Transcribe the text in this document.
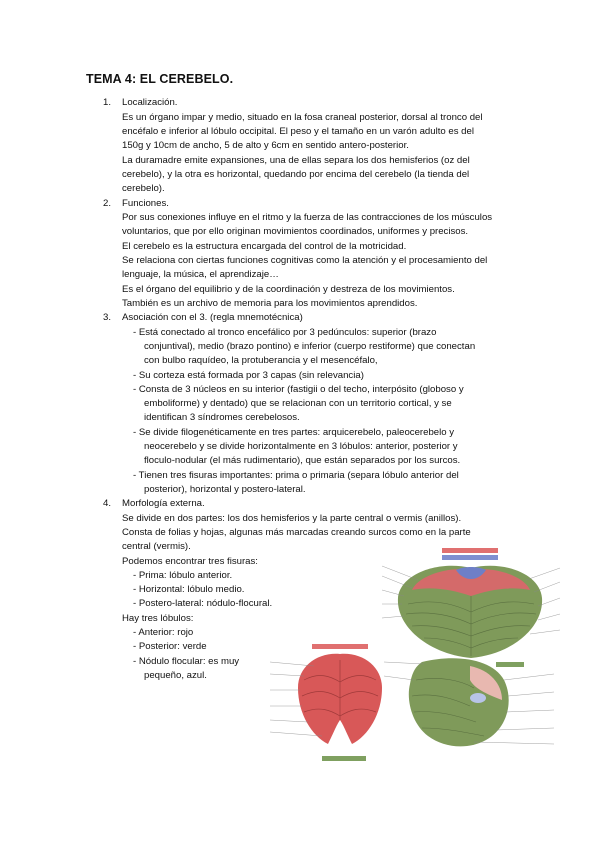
TEMA 4: EL CEREBELO.
1. Localización.
Es un órgano impar y medio, situado en la fosa craneal posterior, dorsal al tronco del
encéfalo e inferior al lóbulo occipital. El peso y el tamaño en un varón adulto es del
150g y 10cm de ancho, 5 de alto y 6cm en sentido antero-posterior.
La duramadre emite expansiones, una de ellas separa los dos hemisferios (oz del
cerebelo), y la otra es horizontal, quedando por encima del cerebelo (la tienda del
cerebelo).
2. Funciones.
Por sus conexiones influye en el ritmo y la fuerza de las contracciones de los músculos
voluntarios, que por ello originan movimientos coordinados, uniformes y precisos.
El cerebelo es la estructura encargada del control de la motricidad.
Se relaciona con ciertas funciones cognitivas como la atención y el procesamiento del
lenguaje, la música, el aprendizaje…
Es el órgano del equilibrio y de la coordinación y destreza de los movimientos.
También es un archivo de memoria para los movimientos aprendidos.
3. Asociación con el 3. (regla mnemotécnica)
- Está conectado al tronco encefálico por 3 pedúnculos: superior (brazo
conjuntival), medio (brazo pontino) e inferior (cuerpo restiforme) que conectan
con bulbo raquídeo, la protuberancia y el mesencéfalo,
- Su corteza está formada por 3 capas (sin relevancia)
- Consta de 3 núcleos en su interior (fastigii o del techo, interpósito (globoso y
emboliforme) y dentado) que se relacionan con un territorio cortical, y se
identifican 3 síndromes cerebelosos.
- Se divide filogenéticamente en tres partes: arquicerebelo, paleocerebelo y
neocerebelo y se divide horizontalmente en 3 lóbulos: anterior, posterior y
floculo-nodular (el más rudimentario), que están separados por los surcos.
- Tienen tres fisuras importantes: prima o primaria (separa lóbulo anterior del
posterior), horizontal y postero-lateral.
4. Morfología externa.
Se divide en dos partes: los dos hemisferios y la parte central o vermis (anillos).
Consta de folias y hojas, algunas más marcadas creando surcos como en la parte
central (vermis).
Podemos encontrar tres fisuras:
- Prima: lóbulo anterior.
- Horizontal: lóbulo medio.
- Postero-lateral: nódulo-flocural.
Hay tres lóbulos:
- Anterior: rojo
- Posterior: verde
- Nódulo flocular: es muy
pequeño, azul.
